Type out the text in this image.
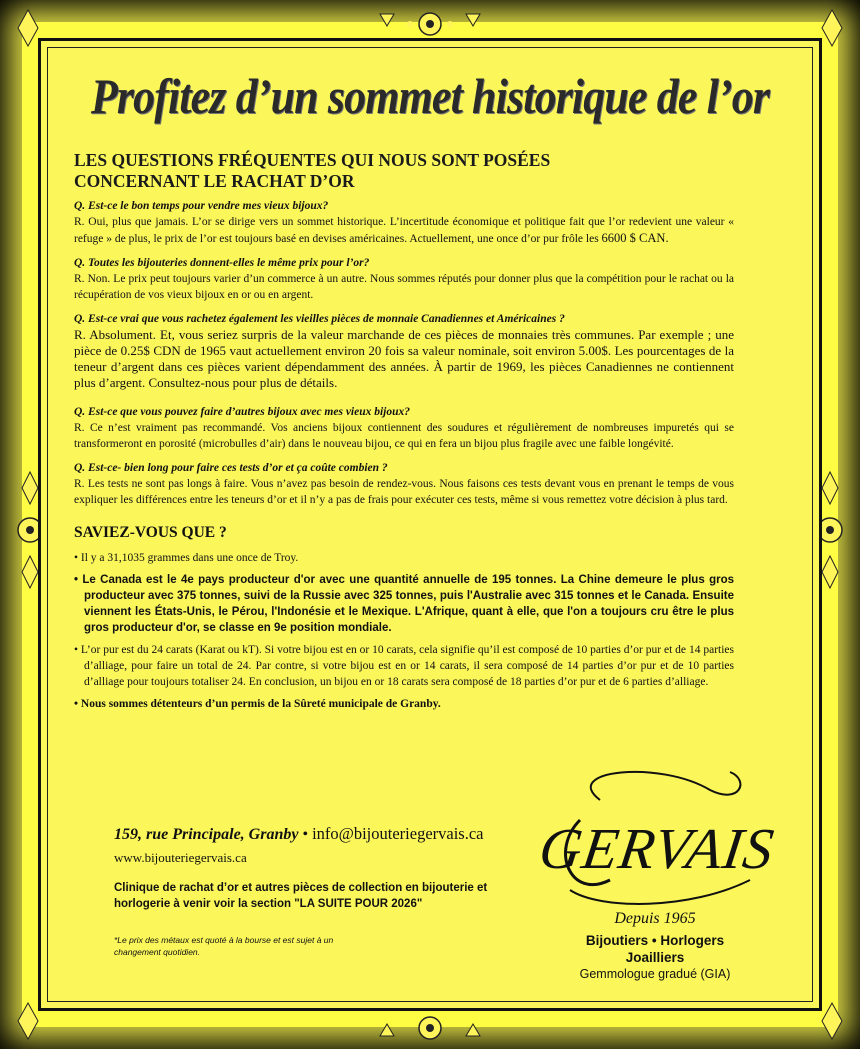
Profitez d’un sommet historique de l’or
LES QUESTIONS FRÉQUENTES QUI NOUS SONT POSÉES
CONCERNANT LE RACHAT D’OR

Q. Est-ce le bon temps pour vendre mes vieux bijoux?

R. Oui, plus que jamais. L’or se dirige vers un sommet historique. L’incertitude économique et politique fait que l’or redevient une valeur « refuge » de plus, le prix de l’or est toujours basé en devises américaines. Actuellement, une once d’or pur frôle les 6600 $ CAN.

Q. Toutes les bijouteries donnent-elles le même prix pour l’or?

R. Non. Le prix peut toujours varier d’un commerce à un autre. Nous sommes réputés pour donner plus que la compétition pour le rachat ou la récupération de vos vieux bijoux en or ou en argent.

Q. Est-ce vrai que vous rachetez également les vieilles pièces de monnaie Canadiennes et Américaines ?

R. Absolument. Et, vous seriez surpris de la valeur marchande de ces pièces de monnaies très communes. Par exemple ; une pièce de 0.25$ CDN de 1965 vaut actuellement environ 20 fois sa valeur nominale, soit environ 5.00$. Les pourcentages de la teneur d’argent dans ces pièces varient dépendamment des années. À partir de 1969, les pièces Canadiennes ne contiennent plus d’argent. Consultez-nous pour plus de détails.

Q. Est-ce que vous pouvez faire d’autres bijoux avec mes vieux bijoux?

R. Ce n’est vraiment pas recommandé. Vos anciens bijoux contiennent des soudures et régulièrement de nombreuses impuretés qui se transformeront en porosité (microbulles d’air) dans le nouveau bijou, ce qui en fera un bijou plus fragile avec une faible longévité.

Q. Est-ce- bien long pour faire ces tests d’or et ça coûte combien ?

R. Les tests ne sont pas longs à faire. Vous n’avez pas besoin de rendez-vous. Nous faisons ces tests devant vous en prenant le temps de vous expliquer les différences entre les teneurs d’or et il n’y a pas de frais pour exécuter ces tests, même si vous remettez votre décision à plus tard.

SAVIEZ-VOUS QUE ?

• Il y a 31,1035 grammes dans une once de Troy.

• Le Canada est le 4e pays producteur d'or avec une quantité annuelle de 195 tonnes. La Chine demeure le plus gros producteur avec 375 tonnes, suivi de la Russie avec 325 tonnes, puis l'Australie avec 315 tonnes et le Canada. Ensuite viennent les États-Unis, le Pérou, l'Indonésie et le Mexique. L'Afrique, quant à elle, que l'on a toujours cru être le plus gros producteur d'or, se classe en 9e position mondiale.

• L’or pur est du 24 carats (Karat ou kT). Si votre bijou est en or 10 carats, cela signifie qu’il est composé de 10 parties d’or pur et de 14 parties d’alliage, pour faire un total de 24. Par contre, si votre bijou est en or 14 carats, il sera composé de 14 parties d’or pur et de 10 parties d’alliage pour toujours totaliser 24. En conclusion, un bijou en or 18 carats sera composé de 18 parties d’or pur et de 6 parties d’alliage.

• Nous sommes détenteurs d’un permis de la Sûreté municipale de Granby.

159, rue Principale, Granby • info@bijouteriegervais.ca
www.bijouteriegervais.ca
Clinique de rachat d’or et autres pièces de collection en bijouterie et horlogerie à venir voir la section "LA SUITE POUR 2026"
*Le prix des métaux est quoté à la bourse et est sujet à un changement quotidien.
GERVAIS
Depuis 1965
Bijoutiers • Horlogers
Joailliers
Gemmologue gradué (GIA)
